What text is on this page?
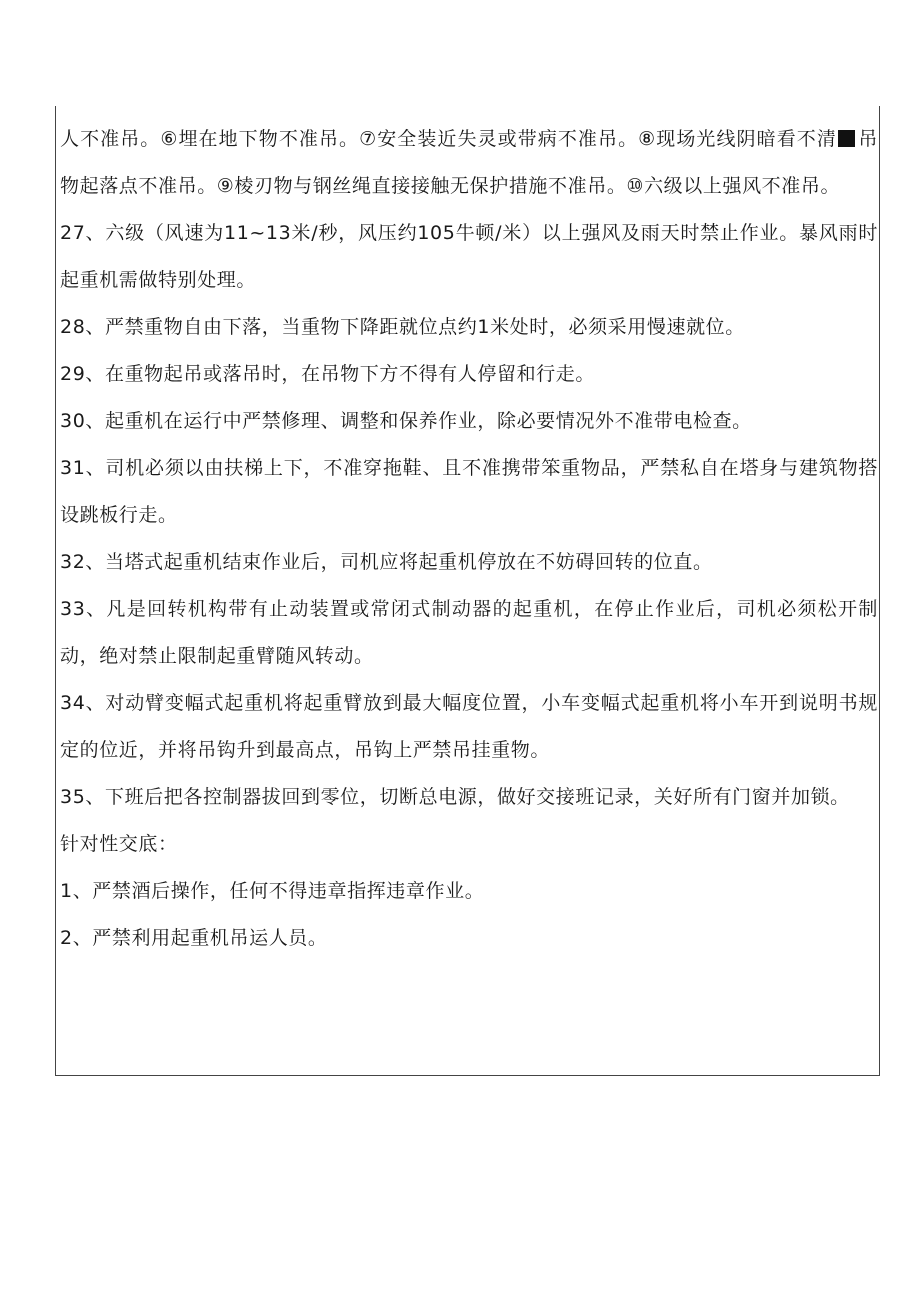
人不准吊。⑥埋在地下物不准吊。⑦安全装近失灵或带病不准吊。⑧现场光线阴暗看不清 吊物起落点不准吊。⑨棱刃物与钢丝绳直接接触无保护措施不准吊。⑩六级以上强风不准吊。

27、六级（风速为11~13米/秒，风压约105牛顿/米）以上强风及雨天时禁止作业。暴风雨时起重机需做特别处理。

28、严禁重物自由下落，当重物下降距就位点约1米处时，必须采用慢速就位。

29、在重物起吊或落吊时，在吊物下方不得有人停留和行走。

30、起重机在运行中严禁修理、调整和保养作业，除必要情况外不准带电检查。

31、司机必须以由扶梯上下，不准穿拖鞋、且不准携带笨重物品，严禁私自在塔身与建筑物搭设跳板行走。

32、当塔式起重机结束作业后，司机应将起重机停放在不妨碍回转的位直。

33、凡是回转机构带有止动装置或常闭式制动器的起重机，在停止作业后，司机必须松开制动，绝对禁止限制起重臂随风转动。

34、对动臂变幅式起重机将起重臂放到最大幅度位置，小车变幅式起重机将小车开到说明书规定的位近，并将吊钩升到最高点，吊钩上严禁吊挂重物。

35、下班后把各控制器拔回到零位，切断总电源，做好交接班记录，关好所有门窗并加锁。

针对性交底：

1、严禁酒后操作，任何不得违章指挥违章作业。

2、严禁利用起重机吊运人员。
